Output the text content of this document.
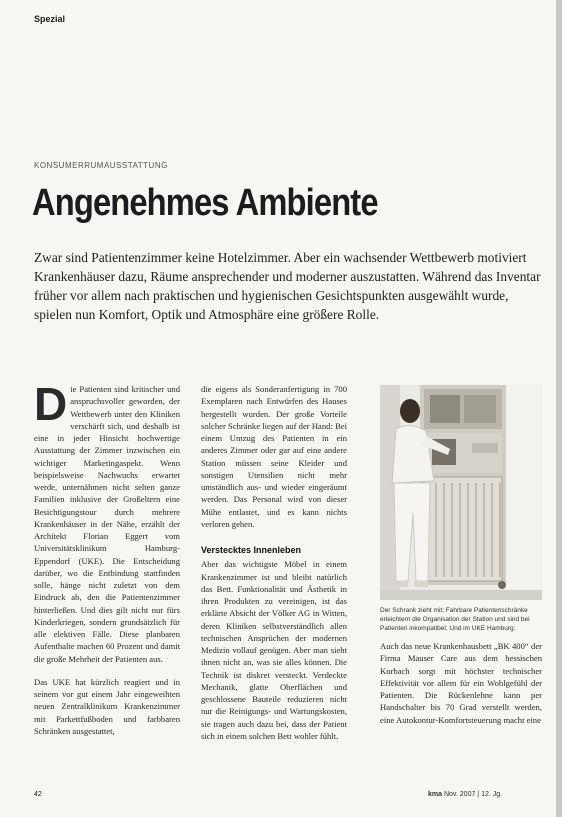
Spezial
KONSUMERRUMAUSSTATTUNG
Angenehmes Ambiente
Zwar sind Patientenzimmer keine Hotelzimmer. Aber ein wachsender Wettbewerb motiviert Krankenhäuser dazu, Räume ansprechender und moderner auszustatten. Während das Inventar früher vor allem nach praktischen und hygienischen Gesichtspunkten ausgewählt wurde, spielen nun Komfort, Optik und Atmosphäre eine größere Rolle.
D ie Patienten sind kritischer und anspruchsvoller geworden, der Wettbewerb unter den Kliniken verschärft sich, und deshalb ist eine in jeder Hinsicht hochwertige Ausstattung der Zimmer inzwischen ein wichtiger Marketingaspekt. Wenn beispielsweise Nachwuchs erwartet werde, unternähmen nicht selten ganze Familien inklusive der Großeltern eine Besichtigungstour durch mehrere Krankenhäuser in der Nähe, erzählt der Architekt Florian Eggert vom Universitätsklinikum Hamburg-Eppendorf (UKE). Die Entscheidung darüber, wo die Entbindung stattfinden solle, hänge nicht zuletzt von dem Eindruck ab, den die Patientenzimmer hinterließen. Und dies gilt nicht nur fürs Kinderkriegen, sondern grundsätzlich für alle elektiven Fälle. Diese planbaren Aufenthalte machen 60 Prozent und damit die große Mehrheit der Patienten aus.

Das UKE hat kürzlich reagiert und in seinem vor gut einem Jahr eingeweihten neuen Zentralklinikum Krankenzimmer mit Parkettfußboden und farbbaren Schränken ausgestattet,

die eigens als Sonderanfertigung in 700 Exemplaren nach Entwürfen des Hauses hergestellt wurden. Der große Vorteile solcher Schränke liegen auf der Hand: Bei einem Umzug des Patienten in ein anderes Zimmer oder gar auf eine andere Station müssen seine Kleider und sonstigen Utensilien nicht mehr umständlich aus- und wieder eingeräumt werden. Das Personal wird von dieser Mühe entlastet, und es kann nichts verloren gehen.

Verstecktes Innenleben

Aber das wichtigste Möbel in einem Krankenzimmer ist und bleibt natürlich das Bett. Funktionalität und Ästhetik in ihren Produkten zu vereinigen, ist das erklärte Absicht der Völker AG in Witten, deren Kliniken selbstverständlich allen technischen Ansprüchen der modernen Medizin vollauf genügen. Aber man sieht ihnen nicht an, was sie alles können. Die Technik ist diskret versteckt. Verdeckte Mechanik, glatte Oberflächen und geschlossene Bauteile reduzieren nicht nur die Reinigungs- und Wartungskosten, sie tragen auch dazu bei, dass der Patient sich in einem solchen Bett wohler fühlt.

Der Schrank zieht mit: Fahrbare Patientenschränke erleichtern die Organisation der Station und sind bei Patienten inkompatibel. Und im UKE Hamburg.

Auch das neue Krankenhausbett „BK 400“ der Firma Mauser Care aus dem hessischen Korbach sorgt mit höchster technischer Effektivität vor allem für ein Wohlgefühl der Patienten. Die Rückenlehne kann per Handschalter bis 70 Grad verstellt werden, eine Autokontur-Komfortsteuerung macht eine

42	kma Nov. 2007 | 12. Jg.
